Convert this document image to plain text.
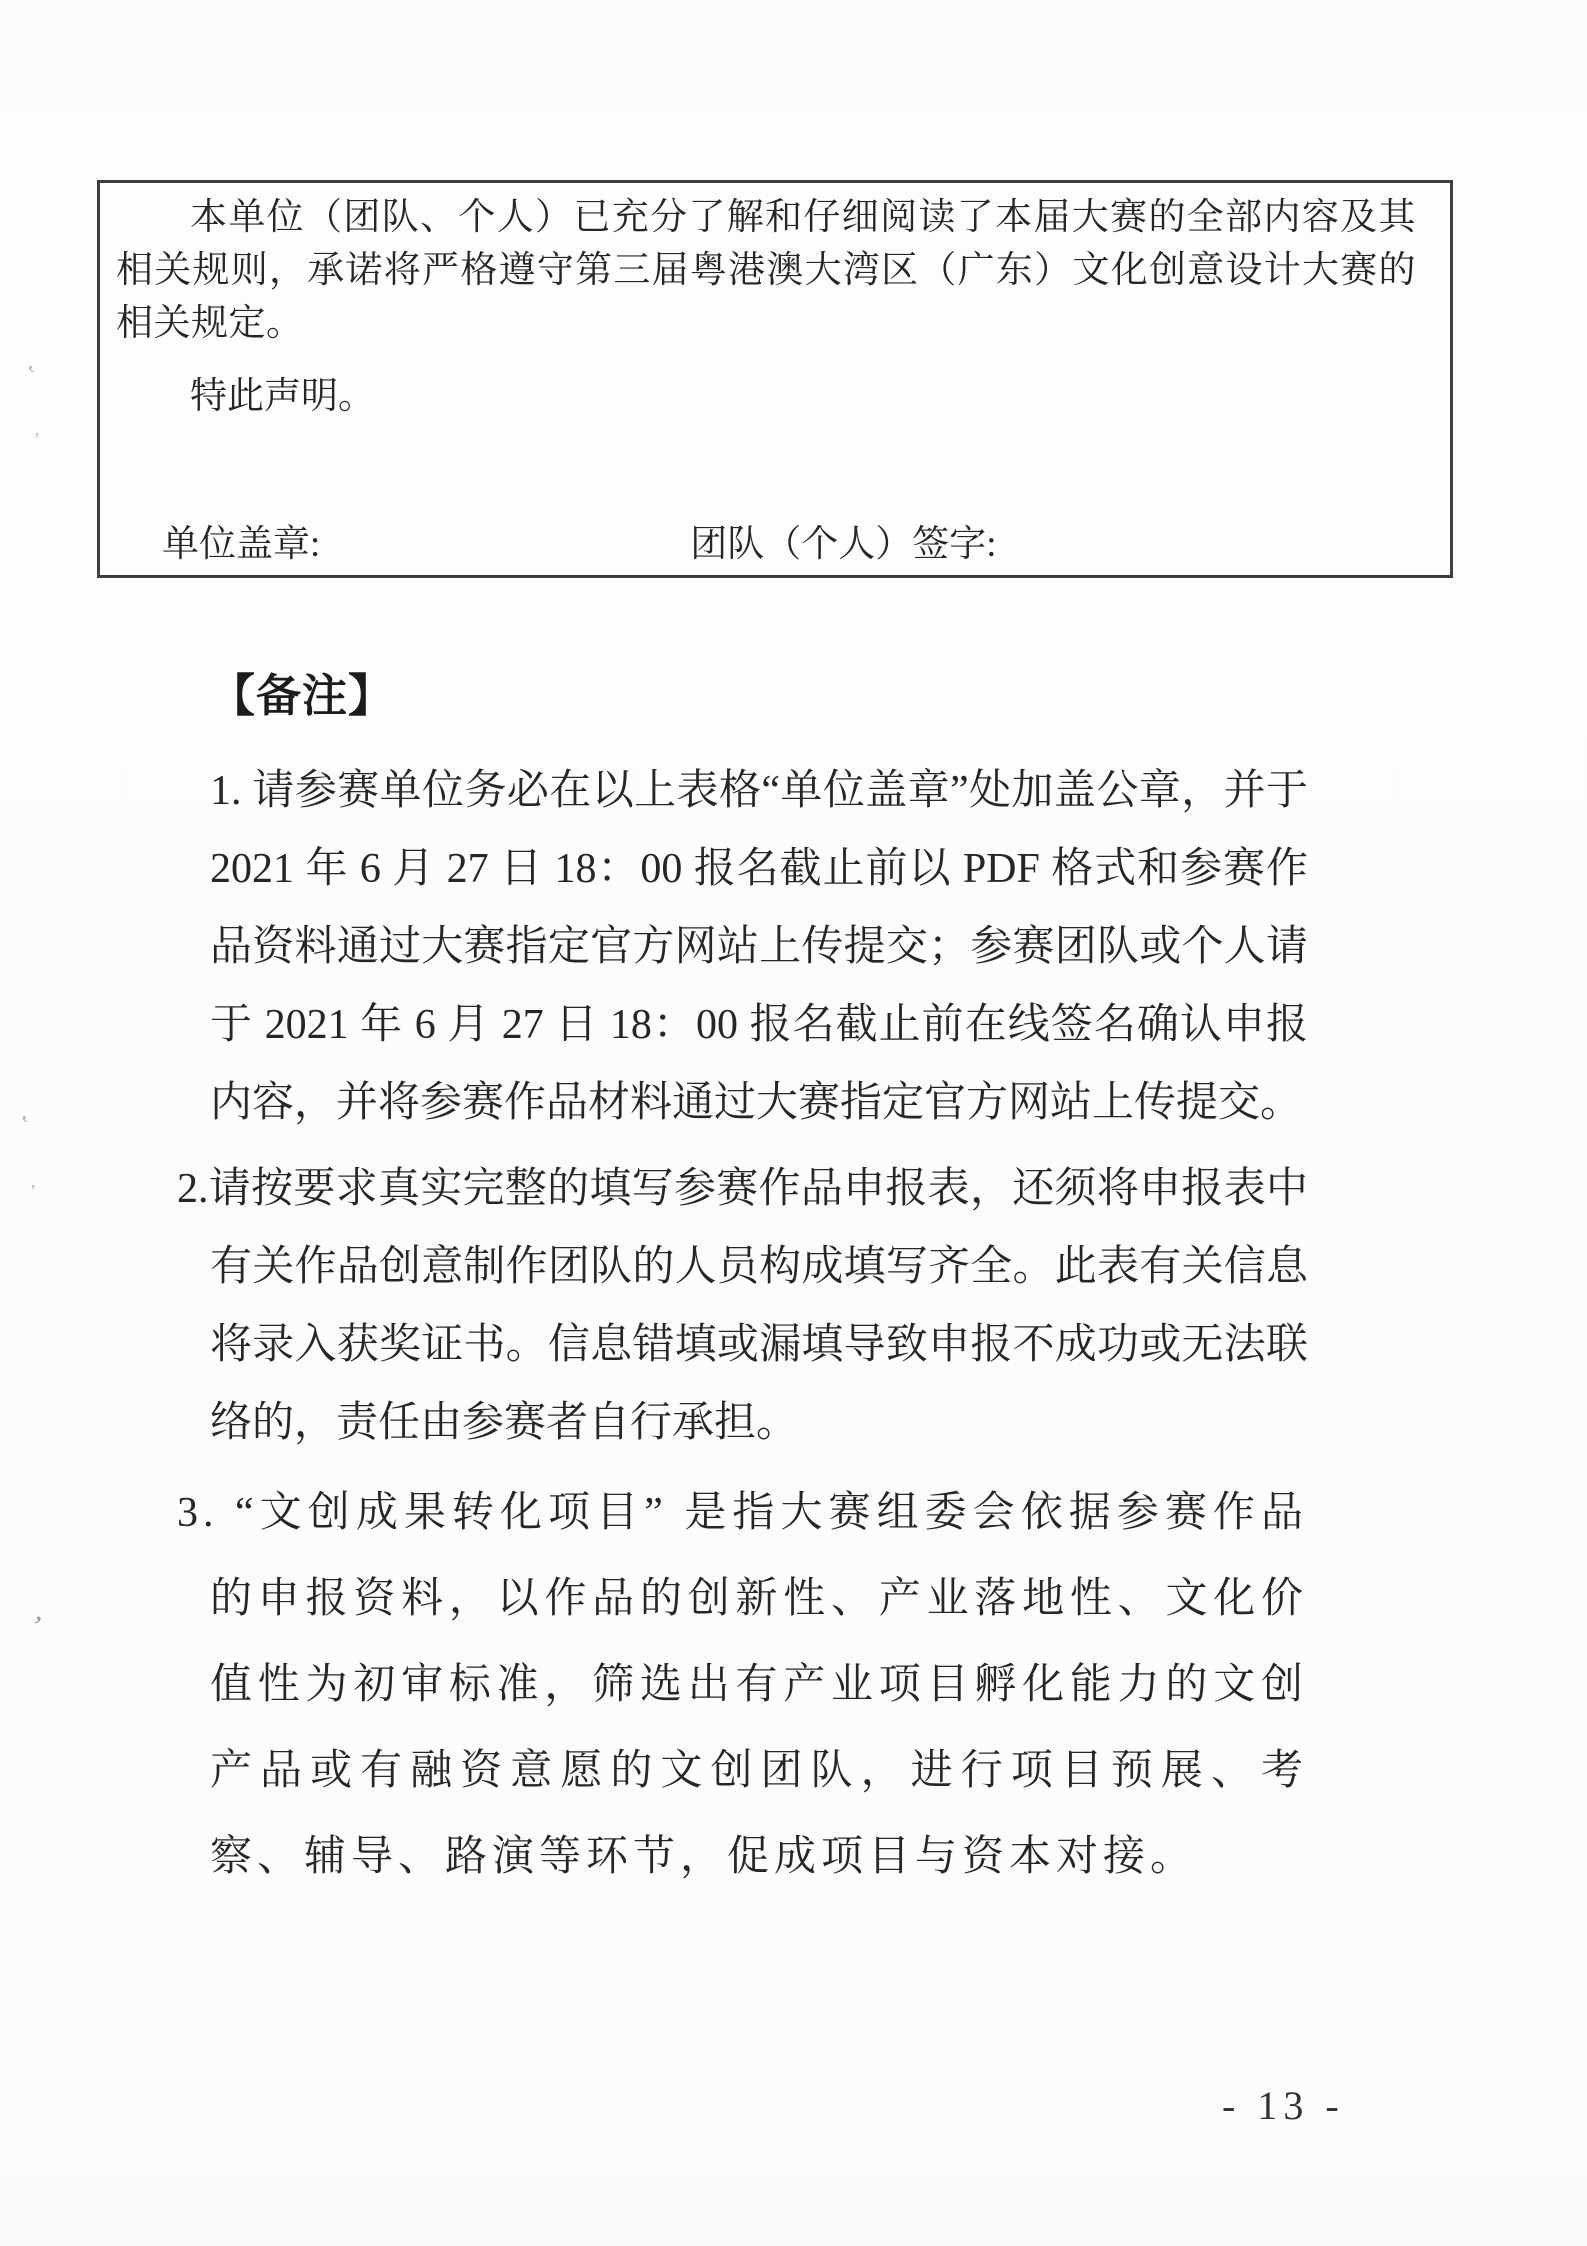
本单位（团队、个人）已充分了解和仔细阅读了本届大赛的全部内容及其相关规则，承诺将严格遵守第三届粤港澳大湾区（广东）文化创意设计大赛的相关规定。

特此声明。

单位盖章:	团队（个人）签字:
【备注】

1. 请参赛单位务必在以上表格“单位盖章”处加盖公章，并于 2021 年 6 月 27 日 18：00 报名截止前以 PDF 格式和参赛作品资料通过大赛指定官方网站上传提交；参赛团队或个人请于 2021 年 6 月 27 日 18：00 报名截止前在线签名确认申报内容，并将参赛作品材料通过大赛指定官方网站上传提交。

2.请按要求真实完整的填写参赛作品申报表，还须将申报表中有关作品创意制作团队的人员构成填写齐全。此表有关信息将录入获奖证书。信息错填或漏填导致申报不成功或无法联络的，责任由参赛者自行承担。

3. “文创成果转化项目” 是指大赛组委会依据参赛作品的申报资料，以作品的创新性、产业落地性、文化价值性为初审标准，筛选出有产业项目孵化能力的文创产品或有融资意愿的文创团队，进行项目预展、考察、辅导、路演等环节，促成项目与资本对接。

- 13 -
‛
’
‛
’
‚
